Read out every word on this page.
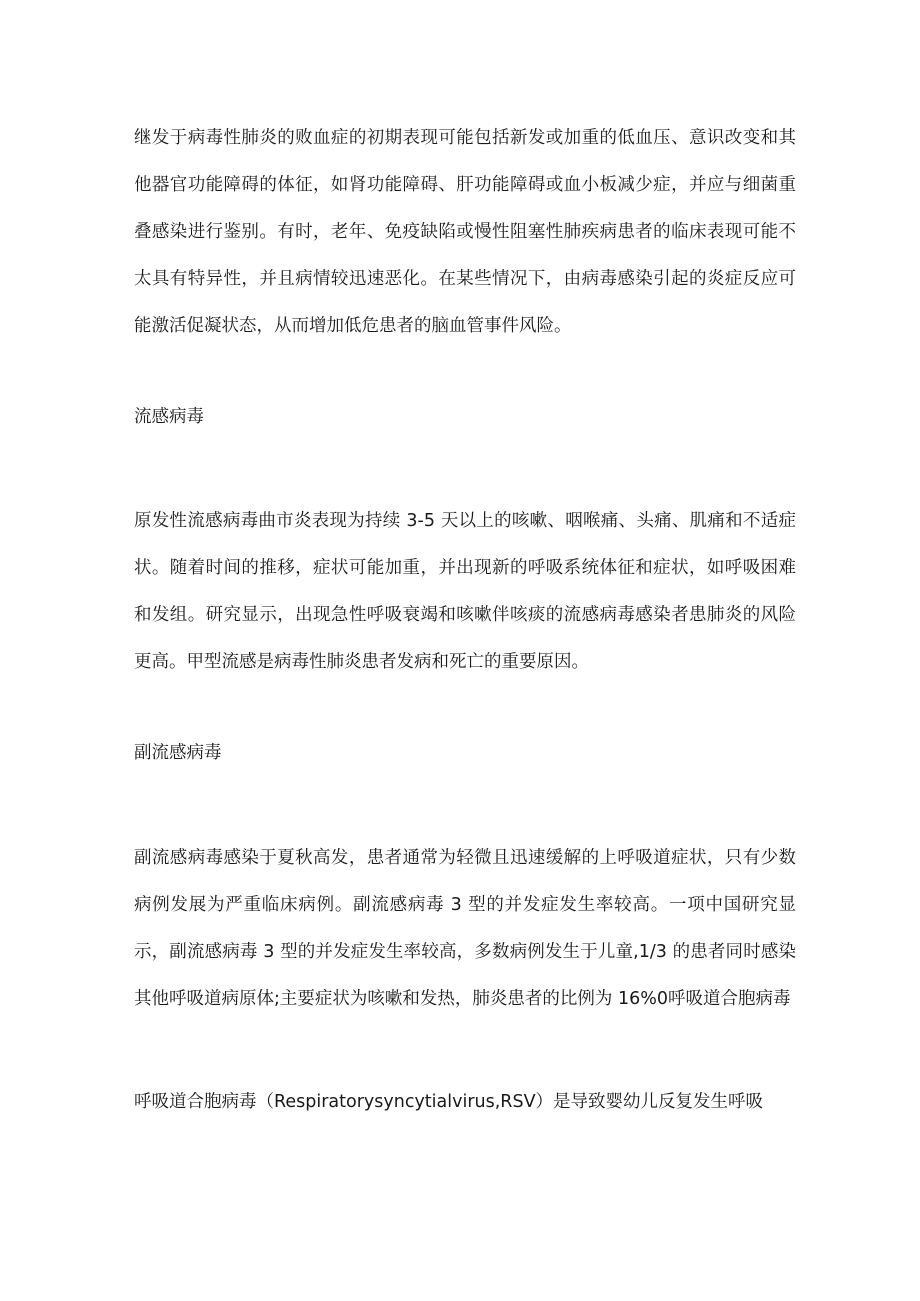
继发于病毒性肺炎的败血症的初期表现可能包括新发或加重的低血压、意识改变和其他器官功能障碍的体征，如肾功能障碍、肝功能障碍或血小板减少症，并应与细菌重叠感染进行鉴别。有时，老年、免疫缺陷或慢性阻塞性肺疾病患者的临床表现可能不太具有特异性，并且病情较迅速恶化。在某些情况下，由病毒感染引起的炎症反应可能激活促凝状态，从而增加低危患者的脑血管事件风险。

流感病毒

原发性流感病毒曲市炎表现为持续 3-5 天以上的咳嗽、咽喉痛、头痛、肌痛和不适症状。随着时间的推移，症状可能加重，并出现新的呼吸系统体征和症状，如呼吸困难和发组。研究显示，出现急性呼吸衰竭和咳嗽伴咳痰的流感病毒感染者患肺炎的风险更高。甲型流感是病毒性肺炎患者发病和死亡的重要原因。

副流感病毒

副流感病毒感染于夏秋高发，患者通常为轻微且迅速缓解的上呼吸道症状，只有少数病例发展为严重临床病例。副流感病毒 3 型的并发症发生率较高。一项中国研究显示，副流感病毒 3 型的并发症发生率较高，多数病例发生于儿童,1/3 的患者同时感染其他呼吸道病原体;主要症状为咳嗽和发热，肺炎患者的比例为 16%0呼吸道合胞病毒

呼吸道合胞病毒（Respiratorysyncytialvirus,RSV）是导致婴幼儿反复发生呼吸
